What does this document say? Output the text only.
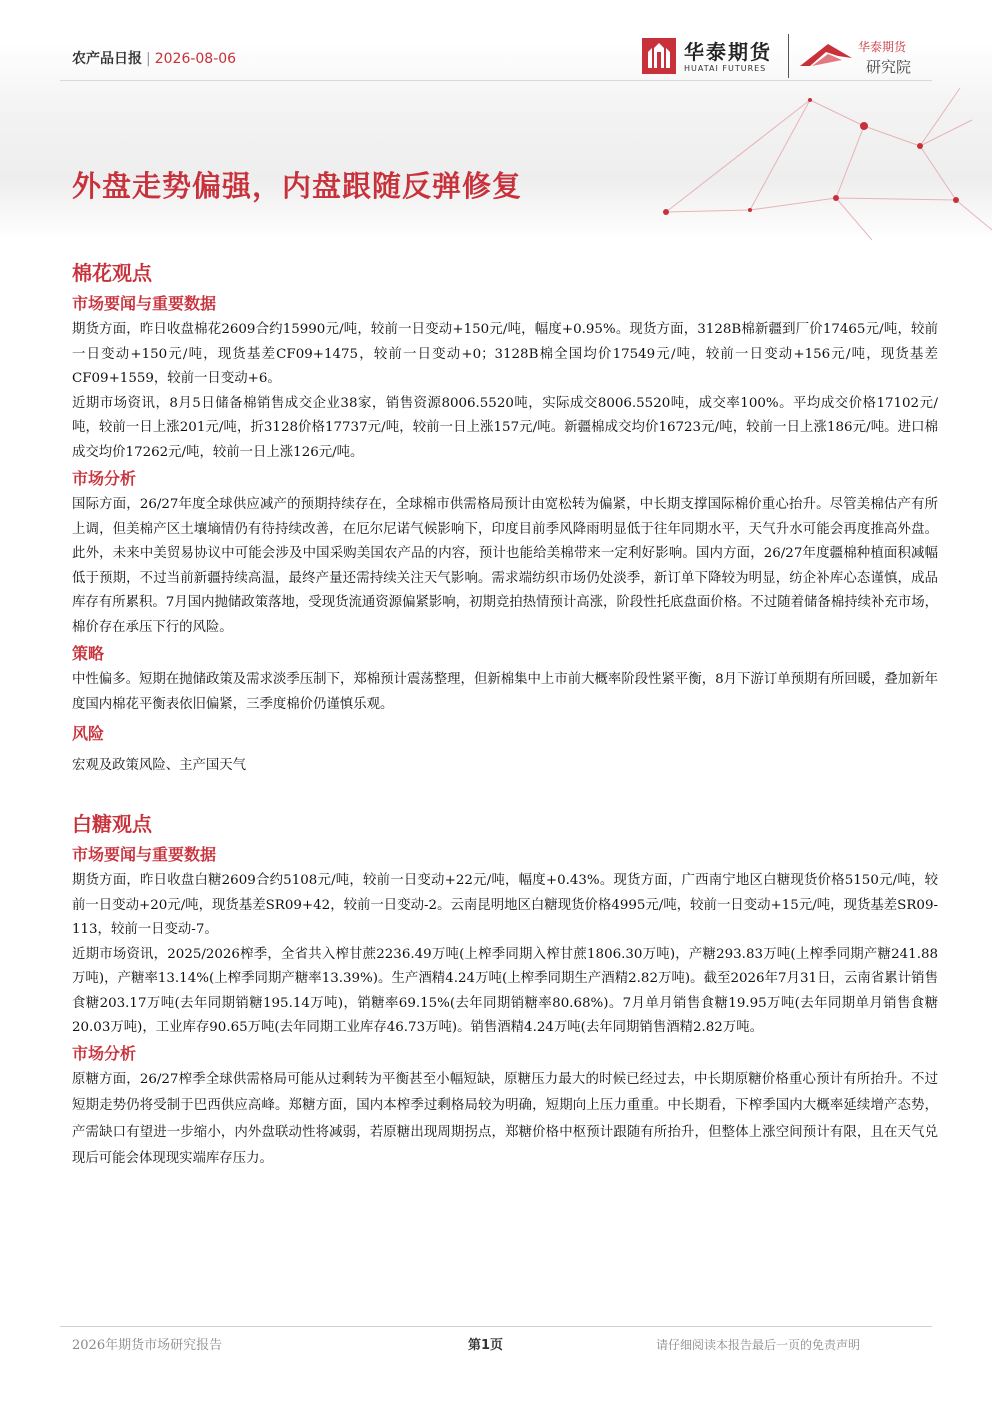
农产品日报 | 2026-08-06	华泰期货
HUATAI FUTURES
华泰期货
研究院
外盘走势偏强，内盘跟随反弹修复
棉花观点
市场要闻与重要数据

期货方面，昨日收盘棉花2609合约15990元/吨，较前一日变动+150元/吨，幅度+0.95%。现货方面，3128B棉新疆到厂价17465元/吨，较前一日变动+150元/吨，现货基差CF09+1475，较前一日变动+0；3128B棉全国均价17549元/吨，较前一日变动+156元/吨，现货基差CF09+1559，较前一日变动+6。

近期市场资讯，8月5日储备棉销售成交企业38家，销售资源8006.5520吨，实际成交8006.5520吨，成交率100%。平均成交价格17102元/吨，较前一日上涨201元/吨，折3128价格17737元/吨，较前一日上涨157元/吨。新疆棉成交均价16723元/吨，较前一日上涨186元/吨。进口棉成交均价17262元/吨，较前一日上涨126元/吨。

市场分析

国际方面，26/27年度全球供应减产的预期持续存在，全球棉市供需格局预计由宽松转为偏紧，中长期支撑国际棉价重心抬升。尽管美棉估产有所上调，但美棉产区土壤墒情仍有待持续改善，在厄尔尼诺气候影响下，印度目前季风降雨明显低于往年同期水平，天气升水可能会再度推高外盘。此外，未来中美贸易协议中可能会涉及中国采购美国农产品的内容，预计也能给美棉带来一定利好影响。国内方面，26/27年度疆棉种植面积减幅低于预期，不过当前新疆持续高温，最终产量还需持续关注天气影响。需求端纺织市场仍处淡季，新订单下降较为明显，纺企补库心态谨慎，成品库存有所累积。7月国内抛储政策落地，受现货流通资源偏紧影响，初期竞拍热情预计高涨，阶段性托底盘面价格。不过随着储备棉持续补充市场，棉价存在承压下行的风险。

策略

中性偏多。短期在抛储政策及需求淡季压制下，郑棉预计震荡整理，但新棉集中上市前大概率阶段性紧平衡，8月下游订单预期有所回暖，叠加新年度国内棉花平衡表依旧偏紧，三季度棉价仍谨慎乐观。

风险

宏观及政策风险、主产国天气

白糖观点
市场要闻与重要数据

期货方面，昨日收盘白糖2609合约5108元/吨，较前一日变动+22元/吨，幅度+0.43%。现货方面，广西南宁地区白糖现货价格5150元/吨，较前一日变动+20元/吨，现货基差SR09+42，较前一日变动-2。云南昆明地区白糖现货价格4995元/吨，较前一日变动+15元/吨，现货基差SR09-113，较前一日变动-7。

近期市场资讯，2025/2026榨季，全省共入榨甘蔗2236.49万吨(上榨季同期入榨甘蔗1806.30万吨)，产糖293.83万吨(上榨季同期产糖241.88万吨)，产糖率13.14%(上榨季同期产糖率13.39%)。生产酒精4.24万吨(上榨季同期生产酒精2.82万吨)。截至2026年7月31日，云南省累计销售食糖203.17万吨(去年同期销糖195.14万吨)，销糖率69.15%(去年同期销糖率80.68%)。7月单月销售食糖19.95万吨(去年同期单月销售食糖20.03万吨)，工业库存90.65万吨(去年同期工业库存46.73万吨)。销售酒精4.24万吨(去年同期销售酒精2.82万吨。

市场分析

原糖方面，26/27榨季全球供需格局可能从过剩转为平衡甚至小幅短缺，原糖压力最大的时候已经过去，中长期原糖价格重心预计有所抬升。不过短期走势仍将受制于巴西供应高峰。郑糖方面，国内本榨季过剩格局较为明确，短期向上压力重重。中长期看，下榨季国内大概率延续增产态势，产需缺口有望进一步缩小，内外盘联动性将减弱，若原糖出现周期拐点，郑糖价格中枢预计跟随有所抬升，但整体上涨空间预计有限，且在天气兑现后可能会体现现实端库存压力。

2026年期货市场研究报告	第1页	请仔细阅读本报告最后一页的免责声明
